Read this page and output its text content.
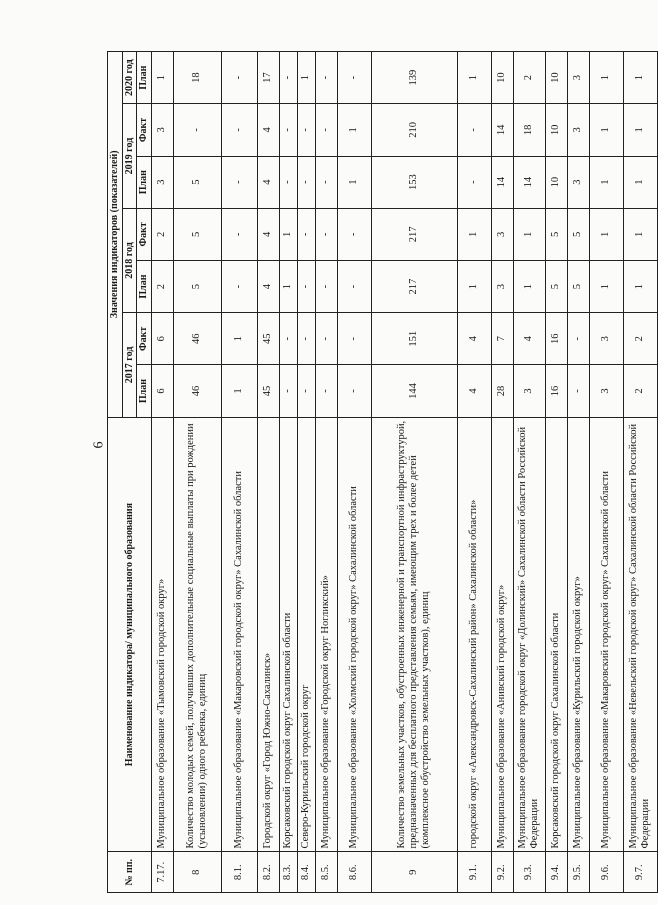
6
№ пп.	Наименование индикатора/ муниципального образования	Значения индикаторов (показателей)						
		2017 год		2018 год		2019 год		2020 год
		План	Факт	План	Факт	План	Факт	План
7.17.	Муниципальное образование «Тымовский городской округ»	6	6	2	2	3	3	1
8	Количество молодых семей, получивших дополнительные социальные выплаты при рождении (усыновлении) одного ребенка, единиц	46	46	5	5	5	-	18
8.1.	Муниципальное образование «Макаровский городской округ» Сахалинской области	1	1	-	-	-	-	-
8.2.	Городской округ «Город Южно-Сахалинск»	45	45	4	4	4	4	17
8.3.	Корсаковский городской округ Сахалинской области	-	-	1	1	-	-	-
8.4.	Северо-Курильский городской округ	-	-	-	-	-	-	1
8.5.	Муниципальное образование «Городской округ Ногликский»	-	-	-	-	-	-	-
8.6.	Муниципальное образование «Холмский городской округ» Сахалинской области	-	-	-	-	1	1	-
9	Количество земельных участков, обустроенных инженерной и транспортной инфраструктурой, предназначенных для бесплатного представления семьям, имеющим трех и более детей (комплексное обустройство земельных участков), единиц	144	151	217	217	153	210	139
9.1.	городской округ «Александровск-Сахалинский район» Сахалинской области»	4	4	1	1	-	-	1
9.2.	Муниципальное образование «Анивский городской округ»	28	7	3	3	14	14	10
9.3.	Муниципальное образование городской округ «Долинский» Сахалинской области Российской Федерации	3	4	1	1	14	18	2
9.4.	Корсаковский городской округ Сахалинской области	16	16	5	5	10	10	10
9.5.	Муниципальное образование «Курильский городской округ»	-	-	5	5	3	3	3
9.6.	Муниципальное образование «Макаровский городской округ» Сахалинской области	3	3	1	1	1	1	1
9.7.	Муниципальное образование «Невельский городской округ» Сахалинской области Российской Федерации	2	2	1	1	1	1	1
